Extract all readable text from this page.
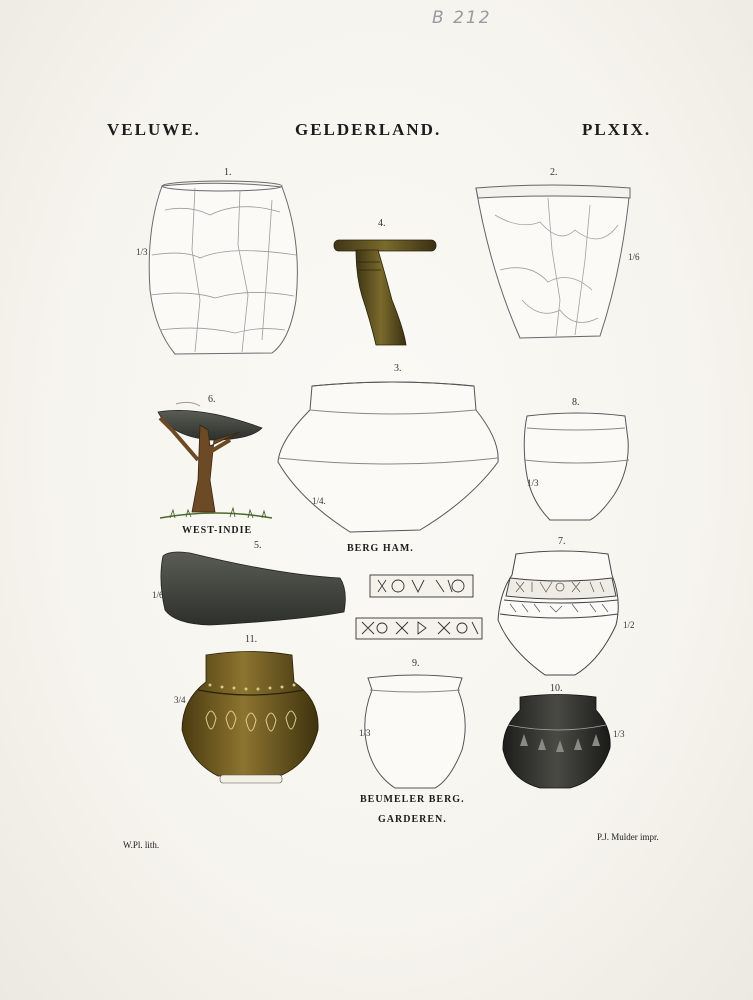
B 212
VELUWE.	GELDERLAND.	PLXIX.
1.	2.
4.
3.
6.	8.
5.	7.
11.
9.
10.
1/3	1/6
1/4.
1/3
1/6
1/2
3/4
1/3	1/3
WEST-INDIE
BERG HAM.
BEUMELER BERG.
GARDEREN.
W.Pl. lith.
P.J. Mulder impr.
